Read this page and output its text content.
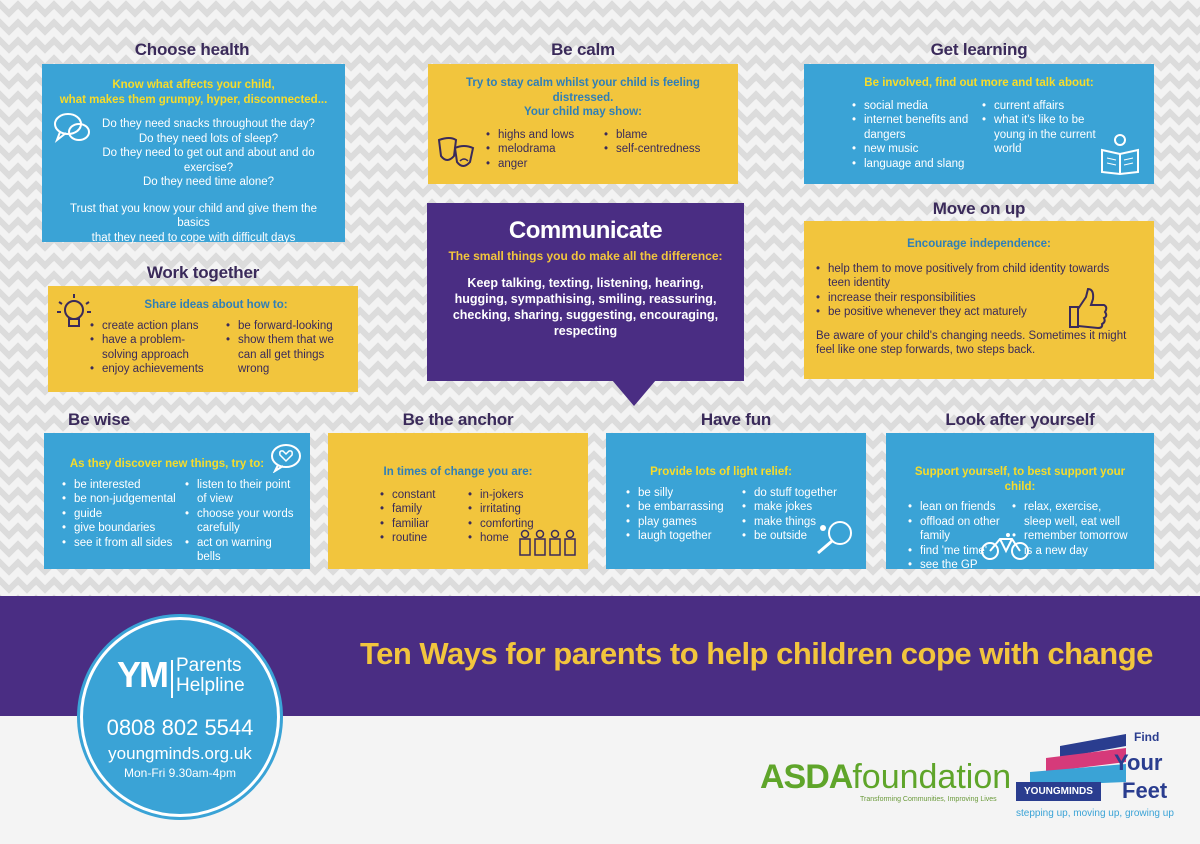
Choose health
Know what affects your child,
what makes them grumpy, hyper, disconnected...
Do they need snacks throughout the day?
Do they need lots of sleep?
Do they need to get out and about and do exercise?
Do they need time alone?
Trust that you know your child and give them the basics
that they need to cope with difficult days
Be calm
Try to stay calm whilst your child is feeling distressed.
Your child may show:
• highs and lows
• melodrama
• anger
• blame
• self-centredness
Get learning
Be involved, find out more and talk about:
• social media
• internet benefits and dangers
• new music
• language and slang
• current affairs
• what it's like to be young in the current world
Move on up
Encourage independence:
• help them to move positively from child identity towards teen identity
• increase their responsibilities
• be positive whenever they act maturely
Be aware of your child's changing needs. Sometimes it might feel like one step forwards, two steps back.
Work together
Share ideas about how to:
• create action plans
• have a problem-solving approach
• enjoy achievements
• be forward-looking
• show them that we can all get things wrong
Communicate
The small things you do make all the difference:
Keep talking, texting, listening, hearing, hugging, sympathising, smiling, reassuring, checking, sharing, suggesting, encouraging, respecting
Be wise
As they discover new things, try to:
• be interested
• be non-judgemental
• guide
• give boundaries
• see it from all sides
• listen to their point of view
• choose your words carefully
• act on warning bells
Be the anchor
In times of change you are:
• constant
• family
• familiar
• routine
• in-jokers
• irritating
• comforting
• home
Have fun
Provide lots of light relief:
• be silly
• be embarrassing
• play games
• laugh together
• do stuff together
• make jokes
• make things
• be outside
Look after yourself
Support yourself, to best support your child:
• lean on friends
• offload on other family
• find 'me time'
• see the GP
• relax, exercise, sleep well, eat well
• remember tomorrow is a new day
Ten Ways for parents to help children cope with change
YM Parents
Helpline
0808 802 5544
youngminds.org.uk
Mon-Fri 9.30am-4pm	ASDAfoundation
Transforming Communities, Improving Lives
Find
Your
Feet
YOUNGMINDS
stepping up, moving up, growing up
